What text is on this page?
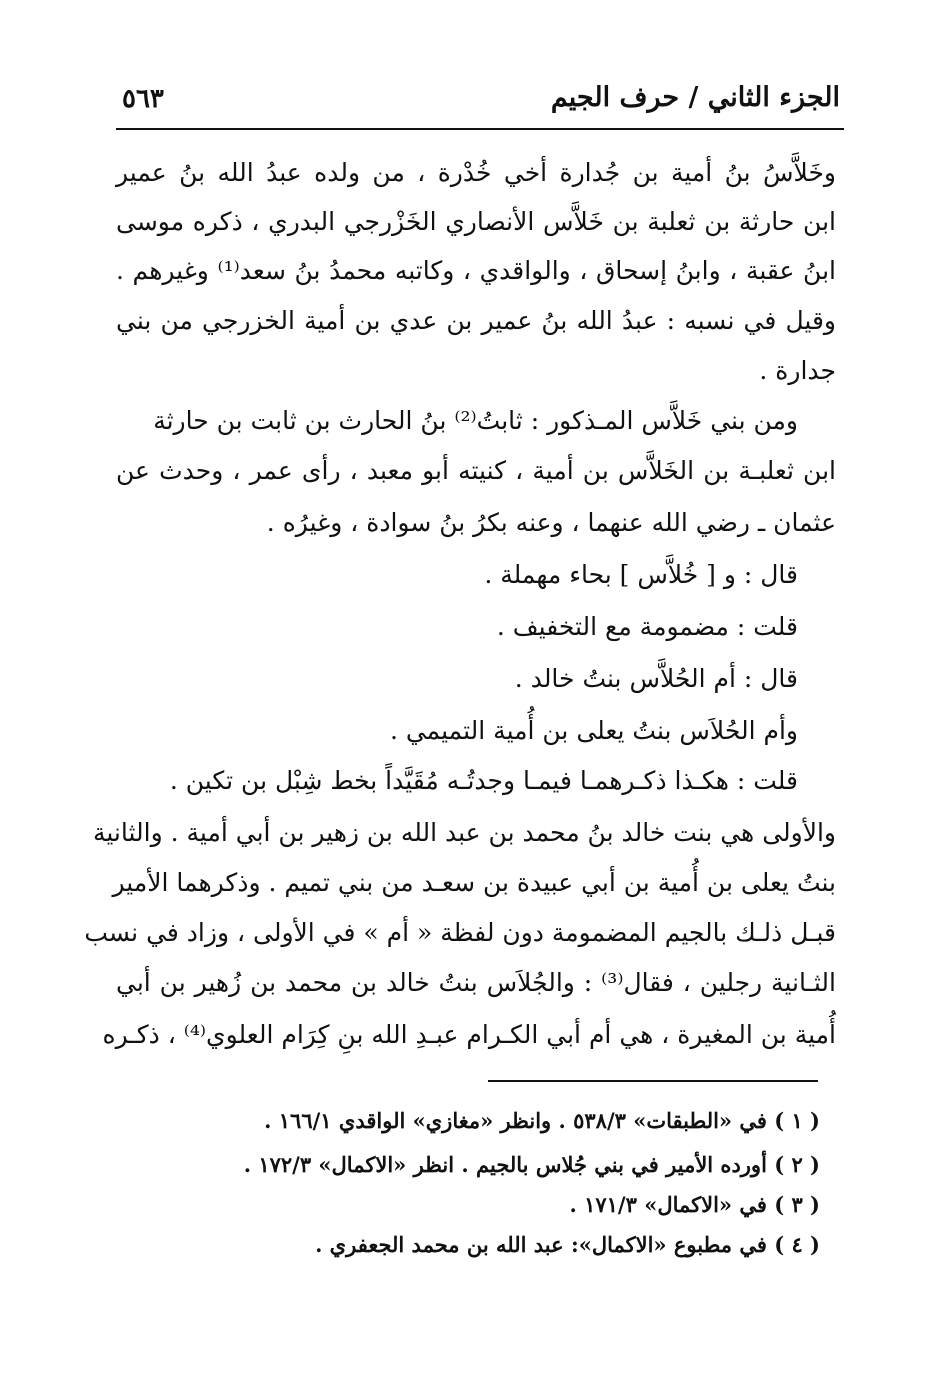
الجزء الثاني / حرف الجيم
٥٦٣
وخَلاَّسُ بنُ أمية بن جُدارة أخي خُدْرة ، من ولده عبدُ الله بنُ عمير
ابن حارثة بن ثعلبة بن خَلاَّس الأنصاري الخَزْرجي البدري ، ذكره موسى
ابنُ عقبة ، وابنُ إسحاق ، والواقدي ، وكاتبه محمدُ بنُ سعد⁽¹⁾ وغيرهم .
وقيل في نسبه : عبدُ الله بنُ عمير بن عدي بن أمية الخزرجي من بني
جدارة .
ومن بني خَلاَّس المـذكور : ثابتُ⁽²⁾ بنُ الحارث بن ثابت بن حارثة
ابن ثعلبـة بن الخَلاَّس بن أمية ، كنيته أبو معبد ، رأى عمر ، وحدث عن
عثمان ـ رضي الله عنهما ، وعنه بكرُ بنُ سوادة ، وغيرُه .
قال : و [ خُلاَّس ] بحاء مهملة .
قلت : مضمومة مع التخفيف .
قال : أم الحُلاَّس بنتُ خالد .
وأم الحُلاَس بنتُ يعلى بن أُمية التميمي .
قلت : هكـذا ذكـرهمـا فيمـا وجدتُـه مُقَيَّداً بخط شِبْل بن تكين .
والأولى هي بنت خالد بنُ محمد بن عبد الله بن زهير بن أبي أمية . والثانية
بنتُ يعلى بن أُمية بن أبي عبيدة بن سعـد من بني تميم . وذكرهما الأمير
قبـل ذلـك بالجيم المضمومة دون لفظة « أم » في الأولى ، وزاد في نسب
الثـانية رجلين ، فقال⁽³⁾ : والجُلاَس بنتُ خالد بن محمد بن زُهير بن أبي
أُمية بن المغيرة ، هي أم أبي الكـرام عبـدِ الله بنِ كِرَام العلوي⁽⁴⁾ ، ذكـره
( ١ ) في «الطبقات» ٥٣٨/٣ . وانظر «مغازي» الواقدي ١٦٦/١ .
( ٢ ) أورده الأمير في بني جُلاس بالجيم . انظر «الاكمال» ١٧٢/٣ .
( ٣ ) في «الاكمال» ١٧١/٣ .
( ٤ ) في مطبوع «الاكمال»: عبد الله بن محمد الجعفري .
